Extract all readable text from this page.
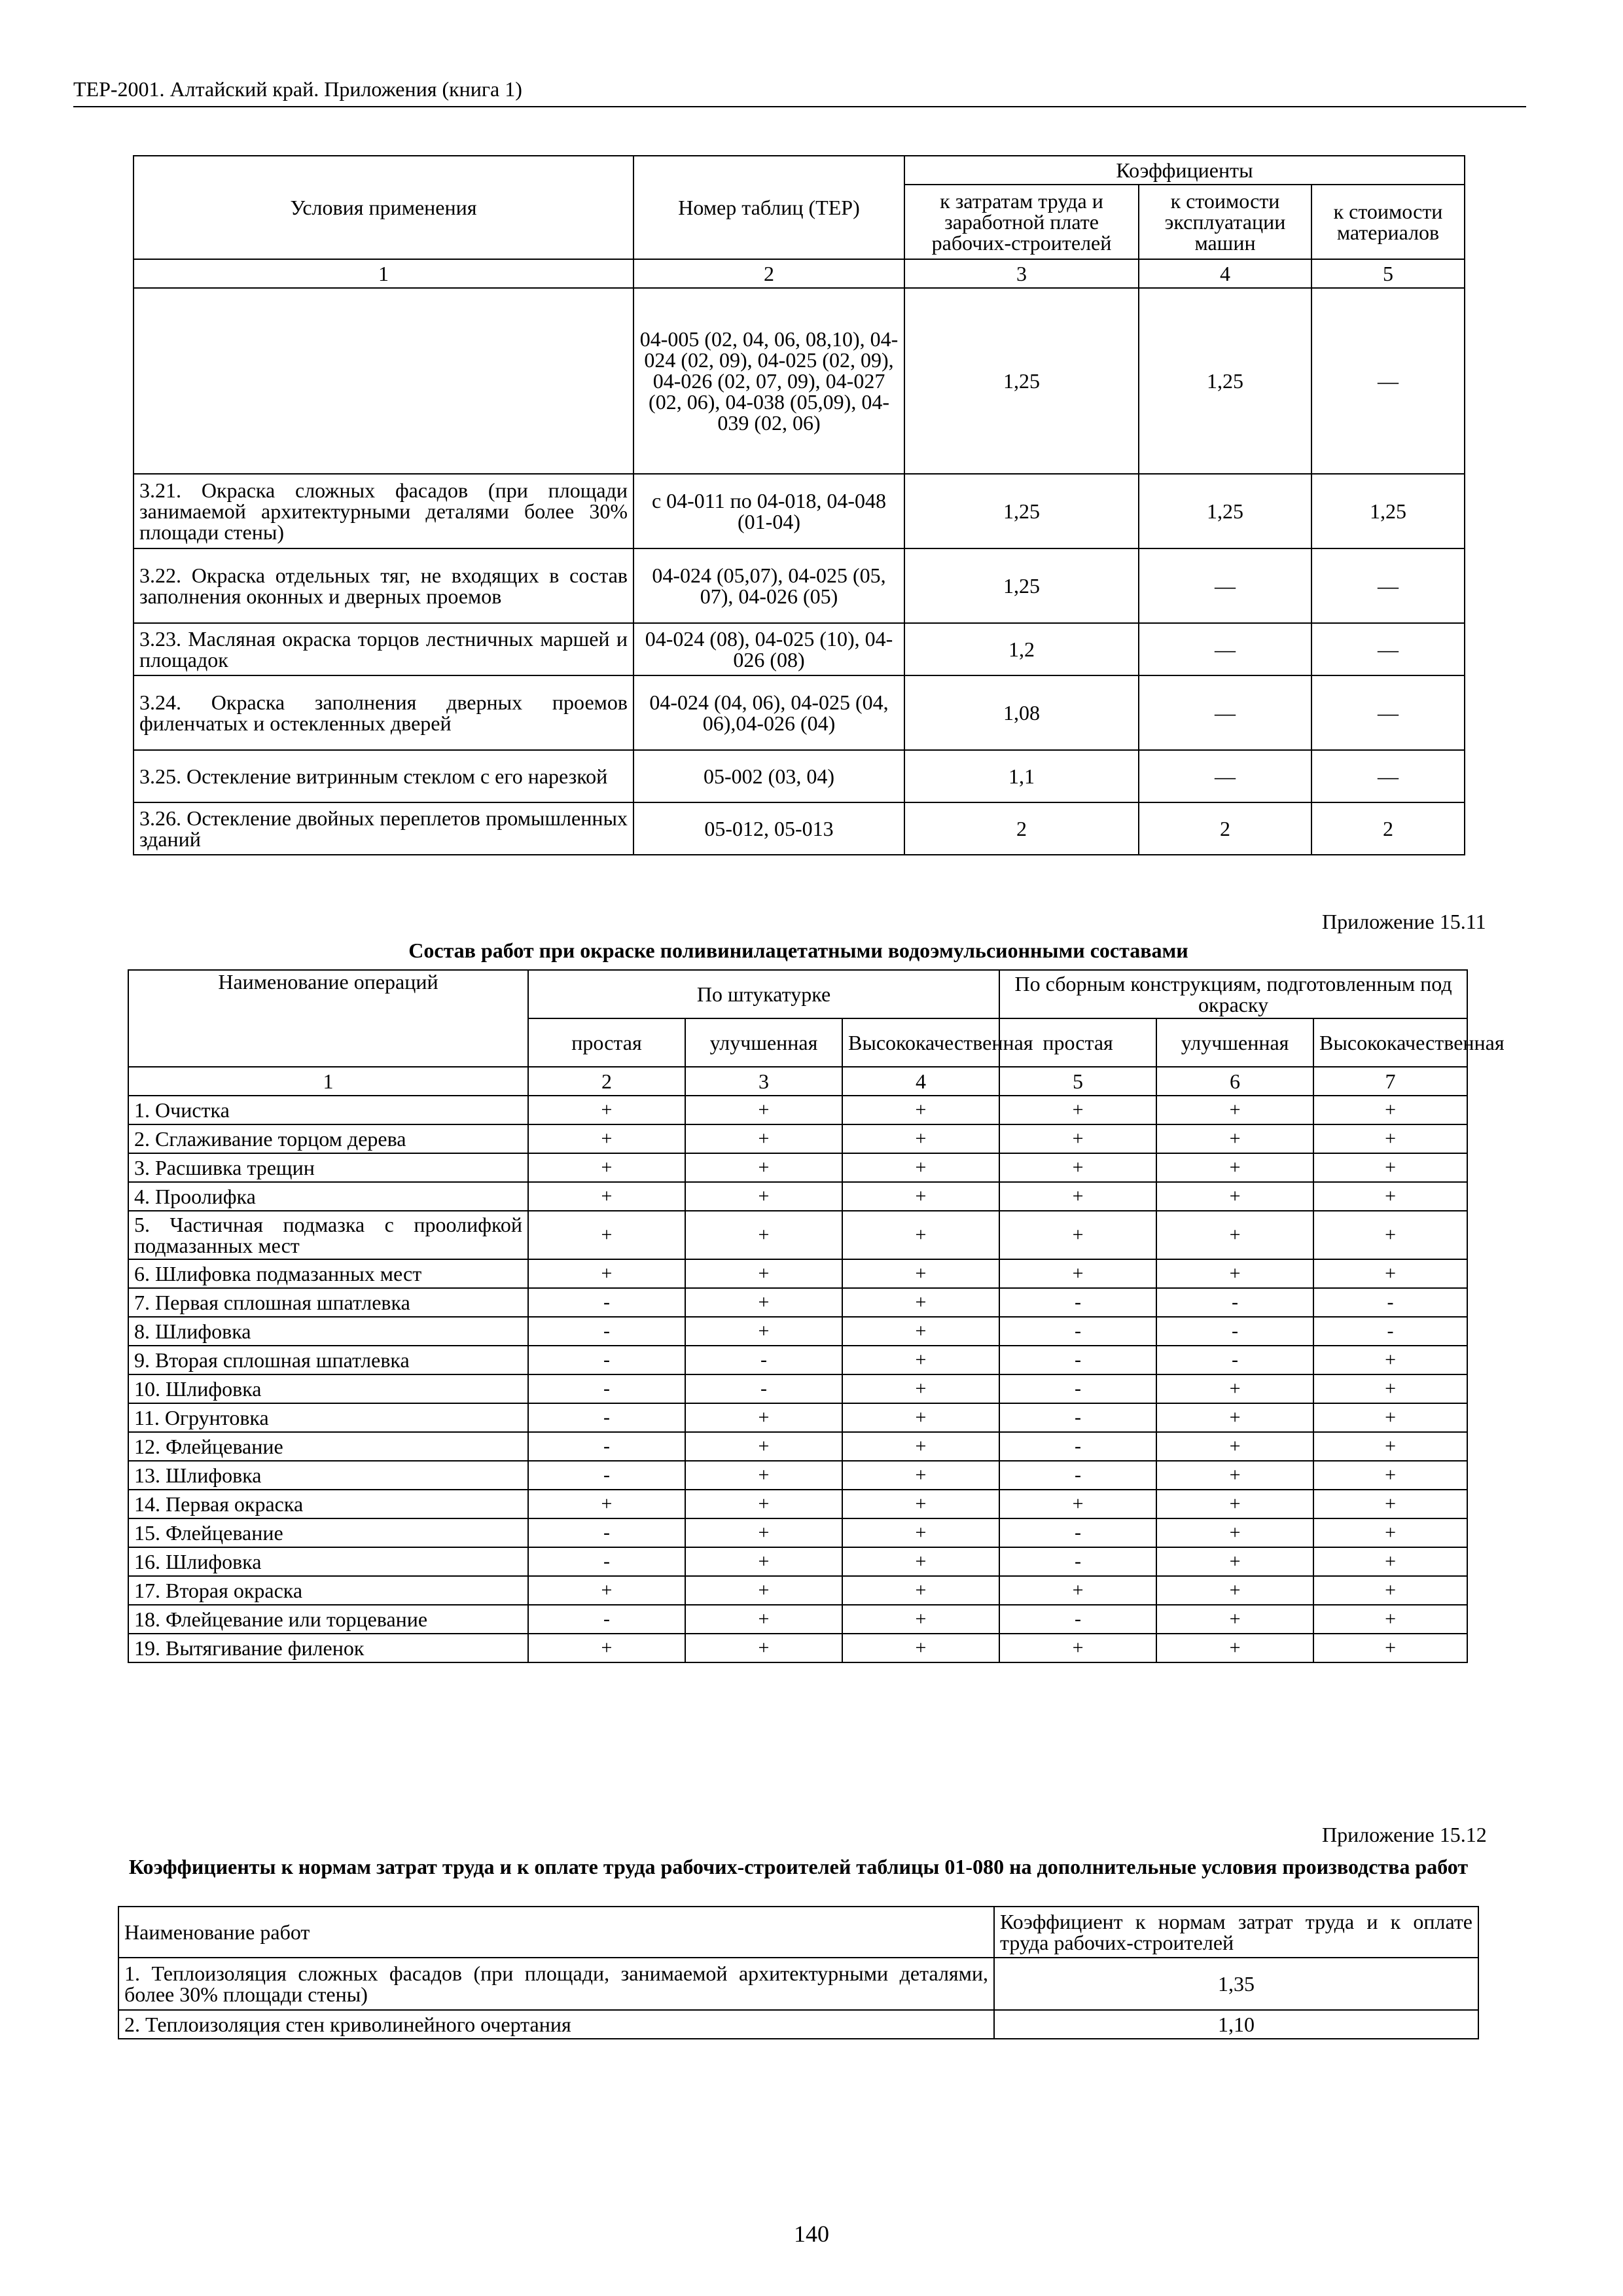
ТЕР-2001. Алтайский край. Приложения (книга 1)
Условия применения	Номер таблиц (ТЕР)	Коэффициенты		
		к затратам труда и заработной плате рабочих-строителей	к стоимости эксплуатации машин	к стоимости материалов
1	2	3	4	5
	04-005 (02, 04, 06, 08,10), 04-024 (02, 09), 04-025 (02, 09), 04-026 (02, 07, 09), 04-027 (02, 06), 04-038 (05,09), 04-039 (02, 06)	1,25	1,25	—
3.21. Окраска сложных фасадов (при площади занимаемой архитектурными деталями более 30% площади стены)	с 04-011 по 04-018, 04-048 (01-04)	1,25	1,25	1,25
3.22. Окраска отдельных тяг, не входящих в состав заполнения оконных и дверных проемов	04-024 (05,07), 04-025 (05, 07), 04-026 (05)	1,25	—	—
3.23. Масляная окраска торцов лестничных маршей и площадок	04-024 (08), 04-025 (10), 04-026 (08)	1,2	—	—
3.24. Окраска заполнения дверных проемов филенчатых и остекленных дверей	04-024 (04, 06), 04-025 (04, 06),04-026 (04)	1,08	—	—
3.25. Остекление витринным стеклом с его нарезкой	05-002 (03, 04)	1,1	—	—
3.26. Остекление двойных переплетов промышленных зданий	05-012, 05-013	2	2	2
Приложение 15.11
Состав работ при окраске поливинилацетатными водоэмульсионными составами
Наименование операций	По штукатурке			По сборным конструкциям, подготовленным под окраску		
	простая	улучшенная	Высококачественная	простая	улучшенная	Высококачественная
1	2	3	4	5	6	7
1. Очистка	+	+	+	+	+	+
2. Сглаживание торцом дерева	+	+	+	+	+	+
3. Расшивка трещин	+	+	+	+	+	+
4. Проолифка	+	+	+	+	+	+
5. Частичная подмазка с проолифкой подмазанных мест	+	+	+	+	+	+
6. Шлифовка подмазанных мест	+	+	+	+	+	+
7. Первая сплошная шпатлевка	-	+	+	-	-	-
8. Шлифовка	-	+	+	-	-	-
9. Вторая сплошная шпатлевка	-	-	+	-	-	+
10. Шлифовка	-	-	+	-	+	+
11. Огрунтовка	-	+	+	-	+	+
12. Флейцевание	-	+	+	-	+	+
13. Шлифовка	-	+	+	-	+	+
14. Первая окраска	+	+	+	+	+	+
15. Флейцевание	-	+	+	-	+	+
16. Шлифовка	-	+	+	-	+	+
17. Вторая окраска	+	+	+	+	+	+
18. Флейцевание или торцевание	-	+	+	-	+	+
19. Вытягивание филенок	+	+	+	+	+	+
Приложение 15.12
Коэффициенты к нормам затрат труда и к оплате труда рабочих-строителей таблицы 01-080 на дополнительные условия производства работ
Наименование работ	Коэффициент к нормам затрат труда и к оплате труда рабочих-строителей
1. Теплоизоляция сложных фасадов (при площади, занимаемой архитектурными деталями, более 30% площади стены)	1,35
2. Теплоизоляция стен криволинейного очертания	1,10
140
